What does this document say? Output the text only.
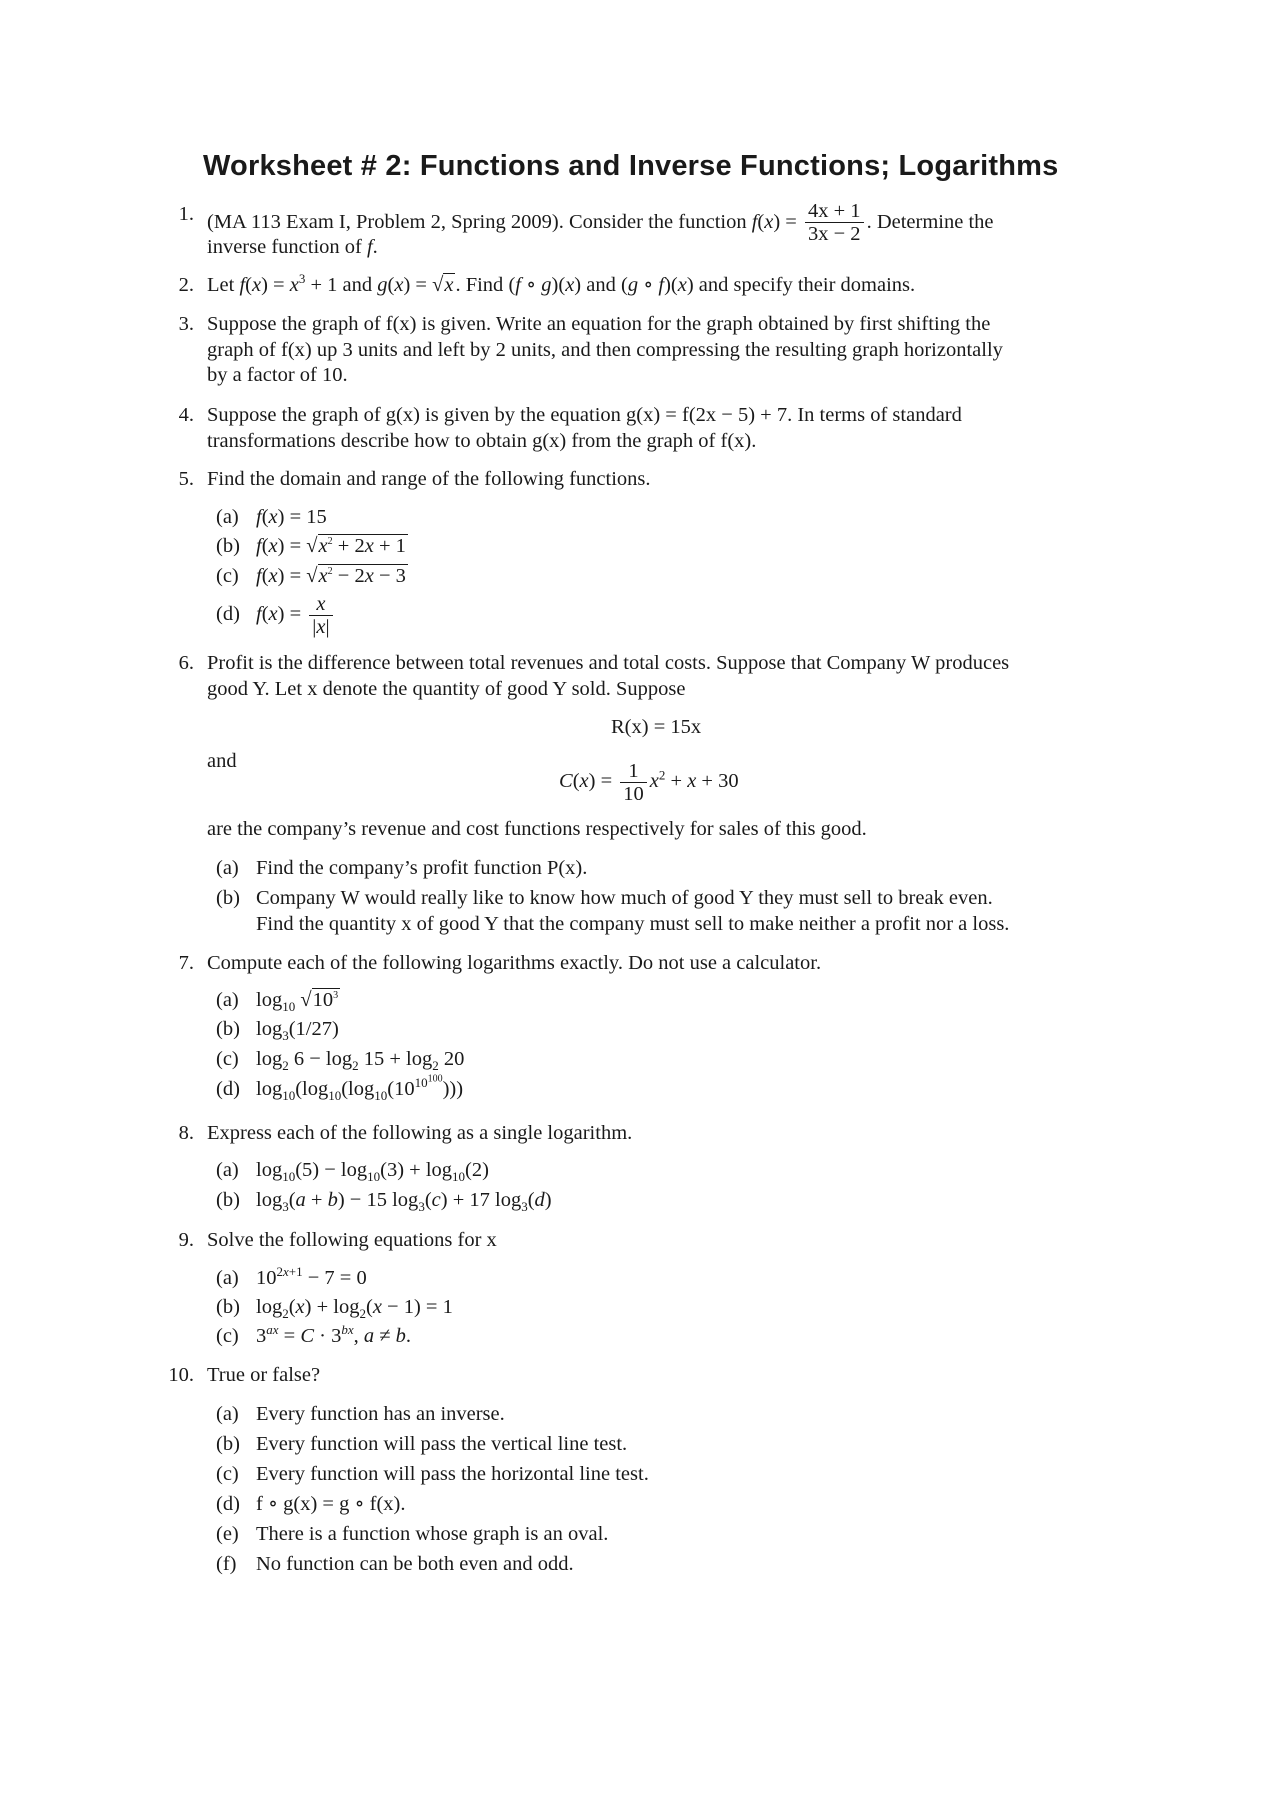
Worksheet # 2: Functions and Inverse Functions; Logarithms
1. (MA 113 Exam I, Problem 2, Spring 2009). Consider the function $f(x) = \frac{4x + 1}{3x - 2}$ . Determine the
inverse function of f.
2. Let $f(x) = x^3 + 1$ and g(x) = √x. Find (f ∘ g)(x) and (g ∘ f)(x) and specify their domains.
3. Suppose the graph of f(x) is given. Write an equation for the graph obtained by first shifting the
graph of f(x) up 3 units and left by 2 units, and then compressing the resulting graph horizontally
by a factor of 10.
4. Suppose the graph of g(x) is given by the equation g(x) = f(2x − 5) + 7. In terms of standard
transformations describe how to obtain g(x) from the graph of f(x).
5. Find the domain and range of the following functions.
(a) f(x) = 15
(b) $f(x) = √x^2 + 2x + 1$
(c) $f(x) = √x^2 - 2x - 3$
(d) $f(x) = \frac{x}{|x|}$
6. Profit is the difference between total revenues and total costs. Suppose that Company W produces
good Y. Let x denote the quantity of good Y sold. Suppose
R(x) = 15x
and
$C(x) = \frac{1}{10} x^2 + x + 30$
are the company’s revenue and cost functions respectively for sales of this good.
(a) Find the company’s profit function P(x).
(b) Company W would really like to know how much of good Y they must sell to break even.
Find the quantity x of good Y that the company must sell to make neither a profit nor a loss.
7. Compute each of the following logarithms exactly. Do not use a calculator.
(a) $\log_{10} √10^3$
(b) $\log_3(1/27)$
(c) $\log_2 6 - \log_2 15 + \log_2 20$
(d) $\log_{10}(\log_{10}(\log_{10}(10^{10^{100}})))$
8. Express each of the following as a single logarithm.
(a) $\log_{10}(5) - \log_{10}(3) + \log_{10}(2)$
(b) $\log_3(a + b) - 15$ $\log_3(c) + 17$ $\log_3(d)$
9. Solve the following equations for x
(a) $10^{2x+1} - 7 = 0$
(b) $\log_2(x) + \log_2(x - 1) = 1$
(c) $3^{ax} = C \cdot 3^{bx}$, a ≠ b.
10. True or false?
(a) Every function has an inverse.
(b) Every function will pass the vertical line test.
(c) Every function will pass the horizontal line test.
(d) f ∘ g(x) = g ∘ f(x).
(e) There is a function whose graph is an oval.
(f) No function can be both even and odd.
